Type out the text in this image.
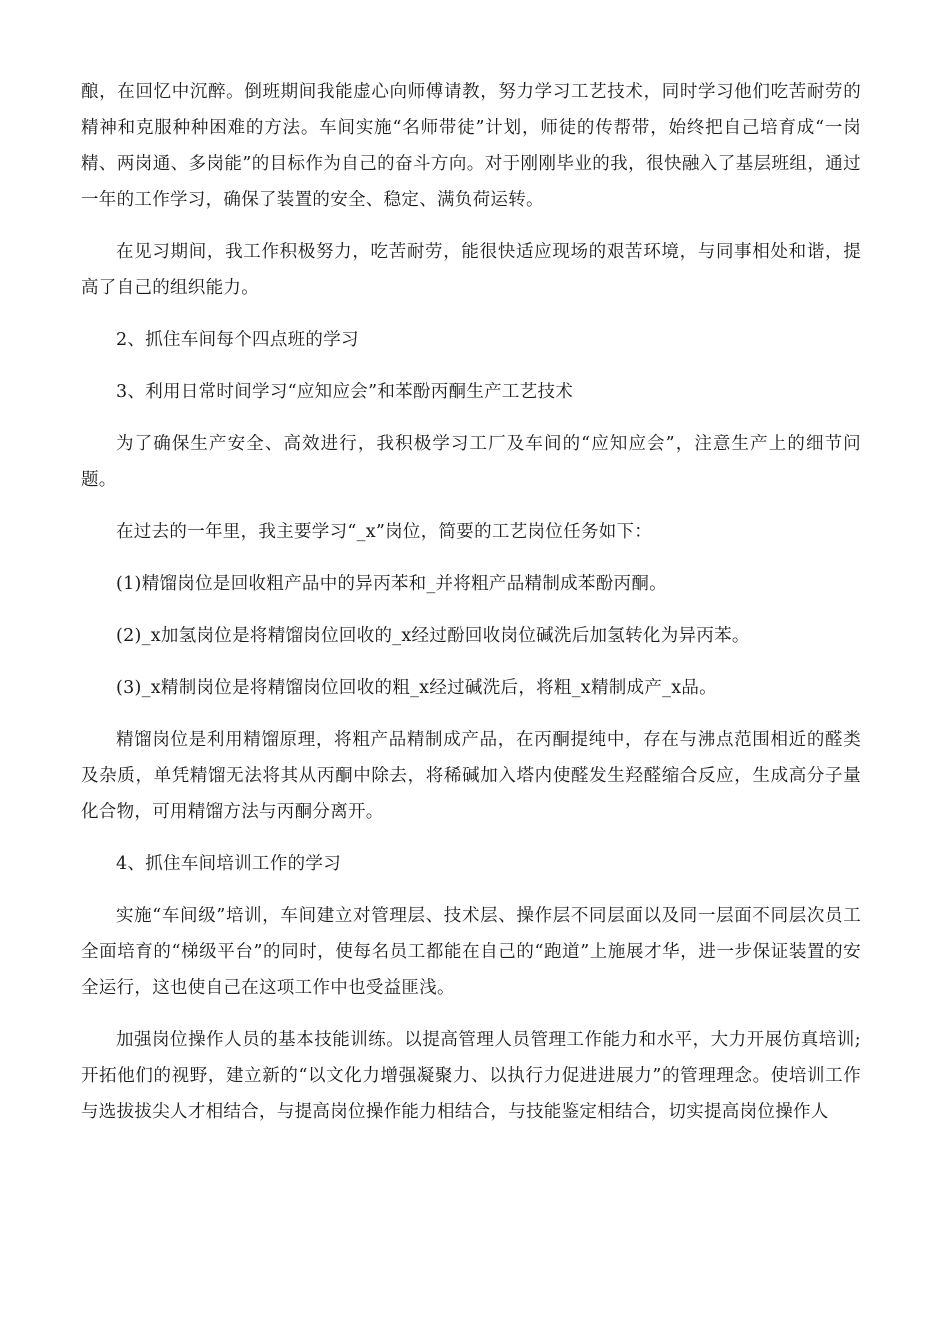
酿，在回忆中沉醉。倒班期间我能虚心向师傅请教，努力学习工艺技术，同时学习他们吃苦耐劳的精神和克服种种困难的方法。车间实施“名师带徒”计划，师徒的传帮带，始终把自己培育成“一岗精、两岗通、多岗能”的目标作为自己的奋斗方向。对于刚刚毕业的我，很快融入了基层班组，通过一年的工作学习，确保了装置的安全、稳定、满负荷运转。

在见习期间，我工作积极努力，吃苦耐劳，能很快适应现场的艰苦环境，与同事相处和谐，提高了自己的组织能力。

2、抓住车间每个四点班的学习

3、利用日常时间学习“应知应会”和苯酚丙酮生产工艺技术

为了确保生产安全、高效进行，我积极学习工厂及车间的“应知应会”，注意生产上的细节问题。

在过去的一年里，我主要学习“_x”岗位，简要的工艺岗位任务如下：

(1)精馏岗位是回收粗产品中的异丙苯和_并将粗产品精制成苯酚丙酮。

(2)_x加氢岗位是将精馏岗位回收的_x经过酚回收岗位碱洗后加氢转化为异丙苯。

(3)_x精制岗位是将精馏岗位回收的粗_x经过碱洗后，将粗_x精制成产_x品。

精馏岗位是利用精馏原理，将粗产品精制成产品，在丙酮提纯中，存在与沸点范围相近的醛类及杂质，单凭精馏无法将其从丙酮中除去，将稀碱加入塔内使醛发生羟醛缩合反应，生成高分子量化合物，可用精馏方法与丙酮分离开。

4、抓住车间培训工作的学习

实施“车间级”培训，车间建立对管理层、技术层、操作层不同层面以及同一层面不同层次员工全面培育的“梯级平台”的同时，使每名员工都能在自己的“跑道”上施展才华，进一步保证装置的安全运行，这也使自己在这项工作中也受益匪浅。

加强岗位操作人员的基本技能训练。以提高管理人员管理工作能力和水平，大力开展仿真培训;开拓他们的视野，建立新的“以文化力增强凝聚力、以执行力促进进展力”的管理理念。使培训工作与选拔拔尖人才相结合，与提高岗位操作能力相结合，与技能鉴定相结合，切实提高岗位操作人
